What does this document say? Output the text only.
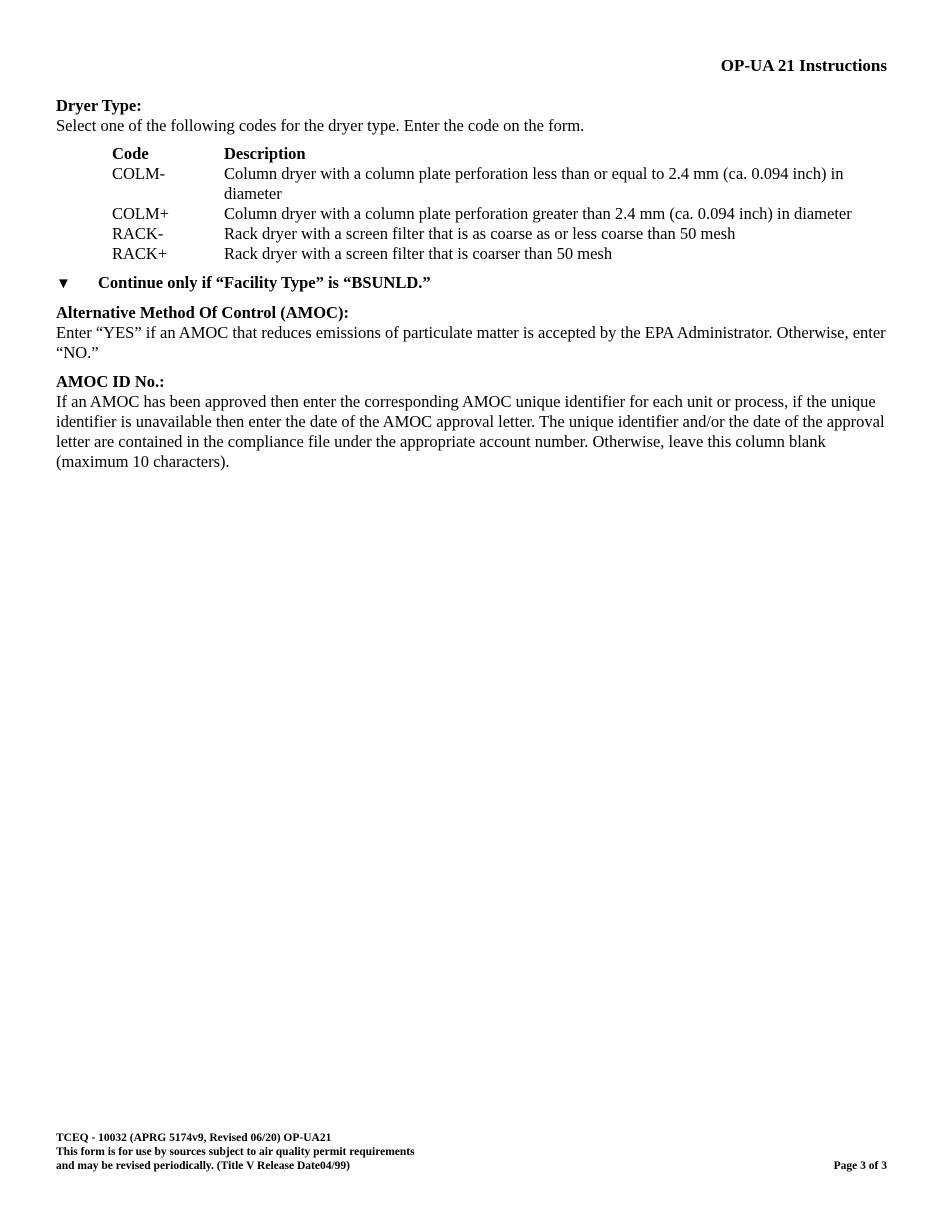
OP-UA 21 Instructions
Dryer Type:
Select one of the following codes for the dryer type. Enter the code on the form.
Code	Description
COLM-	Column dryer with a column plate perforation less than or equal to 2.4 mm (ca. 0.094 inch) in diameter
COLM+	Column dryer with a column plate perforation greater than 2.4 mm (ca. 0.094 inch) in diameter
RACK-	Rack dryer with a screen filter that is as coarse as or less coarse than 50 mesh
RACK+	Rack dryer with a screen filter that is coarser than 50 mesh
▼ Continue only if “Facility Type” is “BSUNLD.”
Alternative Method Of Control (AMOC):
Enter “YES” if an AMOC that reduces emissions of particulate matter is accepted by the EPA Administrator. Otherwise, enter “NO.”
AMOC ID No.:
If an AMOC has been approved then enter the corresponding AMOC unique identifier for each unit or process, if the unique identifier is unavailable then enter the date of the AMOC approval letter. The unique identifier and/or the date of the approval letter are contained in the compliance file under the appropriate account number. Otherwise, leave this column blank (maximum 10 characters).
TCEQ - 10032 (APRG 5174v9, Revised 06/20) OP-UA21
This form is for use by sources subject to air quality permit requirements
and may be revised periodically. (Title V Release Date04/99)	Page 3 of 3
